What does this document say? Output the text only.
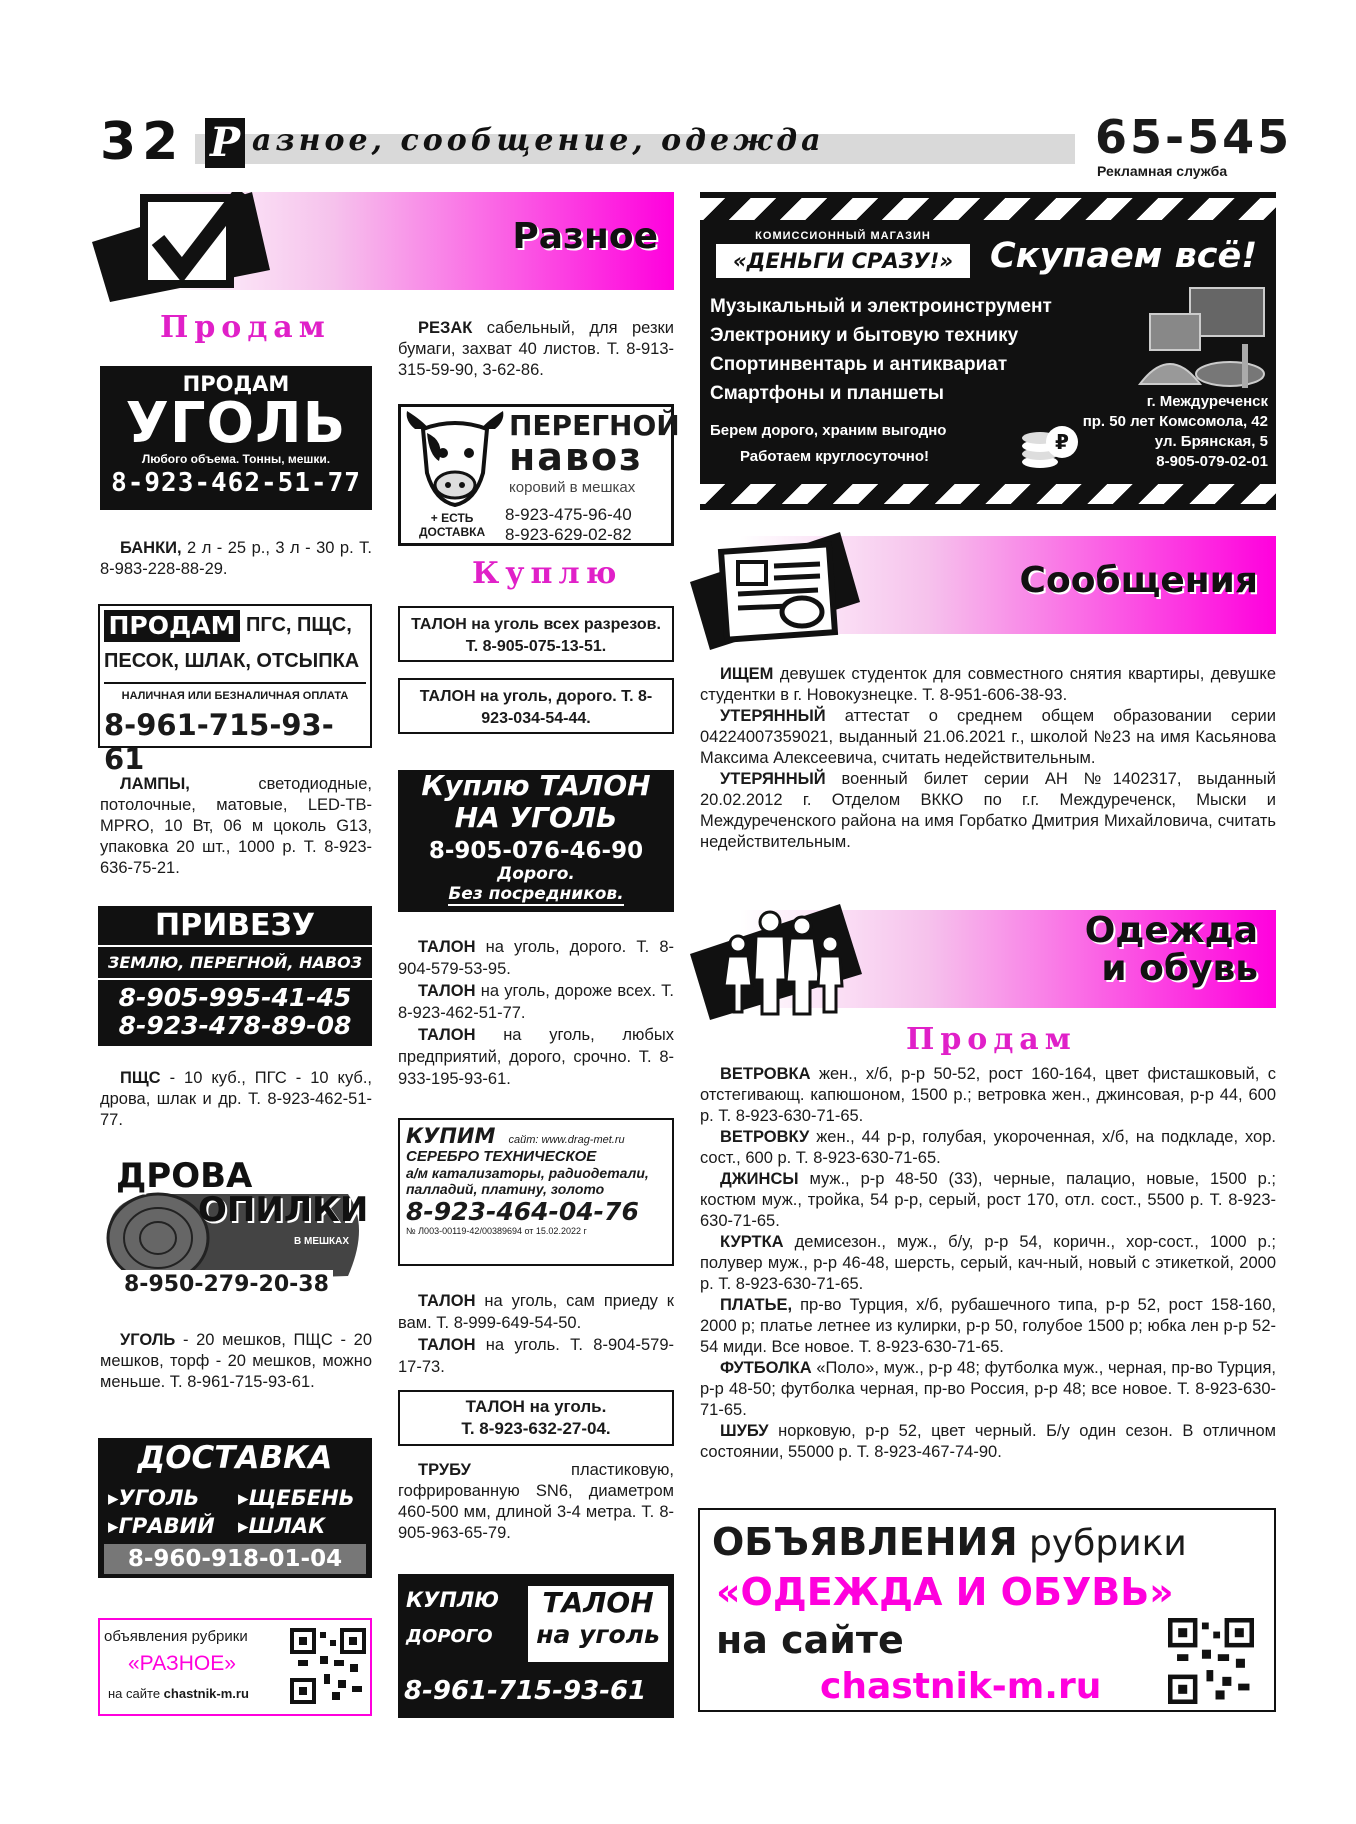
32 Р азное, сообщение, одежда	65-545
Рекламная служба
Разное
Продам
ПРОДАМ
УГОЛЬ
Любого объема. Тонны, мешки.
8-923-462-51-77
БАНКИ, 2 л - 25 р., 3 л - 30 р. Т. 8-983-228-88-29.
ПРОДАМ ПГС, ПЩС,
ПЕСОК, ШЛАК, ОТСЫПКА
НАЛИЧНАЯ ИЛИ БЕЗНАЛИЧНАЯ ОПЛАТА
8-961-715-93-61
ЛАМПЫ, светодиодные, потолочные, матовые, LED-TB-MPRO, 10 Вт, 06 м цоколь G13, упаковка 20 шт., 1000 р. Т. 8-923-636-75-21.
ПРИВЕЗУ
ЗЕМЛЮ, ПЕРЕГНОЙ, НАВОЗ
8-905-995-41-45
8-923-478-89-08
ПЩС - 10 куб., ПГС - 10 куб., дрова, шлак и др. Т. 8-923-462-51-77.
ДРОВА
ОПИЛКИ
В МЕШКАХ
8-950-279-20-38
УГОЛЬ - 20 мешков, ПЩС - 20 мешков, торф - 20 мешков, можно меньше. Т. 8-961-715-93-61.
ДОСТАВКА
▸УГОЛЬ ▸ЩЕБЕНЬ
▸ГРАВИЙ ▸ШЛАК
8-960-918-01-04
объявления рубрики
«РАЗНОЕ»
на сайте chastnik-m.ru
РЕЗАК сабельный, для резки бумаги, захват 40 листов. Т. 8-913-315-59-90, 3-62-86.
ПЕРЕГНОЙ
навоз
коровий в мешках
+ ЕСТЬ
ДОСТАВКА
8-923-475-96-40
8-923-629-02-82
Куплю
ТАЛОН на уголь всех разрезов. Т. 8-905-075-13-51.
ТАЛОН на уголь, дорого. Т. 8-923-034-54-44.
Куплю ТАЛОН
НА УГОЛЬ
8-905-076-46-90
Дорого.
Без посредников.

ТАЛОН на уголь, дорого. Т. 8-904-579-53-95.

ТАЛОН на уголь, дороже всех. Т. 8-923-462-51-77.

ТАЛОН на уголь, любых предприятий, дорого, срочно. Т. 8-933-195-93-61.

КУПИМ сайт: www.drag-met.ru
СЕРЕБРО ТЕХНИЧЕСКОЕ
а/м катализаторы, радиодетали,
палладий, платину, золото
8-923-464-04-76
№ Л003-00119-42/00389694 от 15.02.2022 г

ТАЛОН на уголь, сам приеду к вам. Т. 8-999-649-54-50.

ТАЛОН на уголь. Т. 8-904-579-17-73.

ТАЛОН на уголь.
Т. 8-923-632-27-04.
ТРУБУ пластиковую, гофрированную SN6, диаметром 460-500 мм, длиной 3-4 метра. Т. 8-905-963-65-79.
КУПЛЮ
ДОРОГО
ТАЛОН
на уголь
8-961-715-93-61
КОМИССИОННЫЙ МАГАЗИН
«ДЕНЬГИ СРАЗУ!»	Скупаем всё!
Музыкальный и электроинструмент
Электронику и бытовую технику
Спортинвентарь и антиквариат
Смартфоны и планшеты
Берем дорого, храним выгодно
Работаем круглосуточно!
₽
г. Междуреченск
пр. 50 лет Комсомола, 42
ул. Брянская, 5
8-905-079-02-01
Сообщения

ИЩЕМ девушек студенток для совместного снятия квартиры, девушке студентки в г. Новокузнецке. Т. 8-951-606-38-93.

УТЕРЯННЫЙ аттестат о среднем общем образовании серии 04224007359021, выданный 21.06.2021 г., школой №23 на имя Касьянова Максима Алексеевича, считать недействительным.

УТЕРЯННЫЙ военный билет серии АН №1402317, выданный 20.02.2012 г. Отделом ВККО по г.г. Междуреченск, Мыски и Междуреченского района на имя Горбатко Дмитрия Михайловича, считать недействительным.

Одежда
и обувь
Продам

ВЕТРОВКА жен., х/б, р-р 50-52, рост 160-164, цвет фисташковый, с отстегивающ. капюшоном, 1500 р.; ветровка жен., джинсовая, р-р 44, 600 р. Т. 8-923-630-71-65.

ВЕТРОВКУ жен., 44 р-р, голубая, укороченная, х/б, на подкладе, хор. сост., 600 р. Т. 8-923-630-71-65.

ДЖИНСЫ муж., р-р 48-50 (33), черные, палацио, новые, 1500 р.; костюм муж., тройка, 54 р-р, серый, рост 170, отл. сост., 5500 р. Т. 8-923-630-71-65.

КУРТКА демисезон., муж., б/у, р-р 54, коричн., хор-сост., 1000 р.; полувер муж., р-р 46-48, шерсть, серый, кач-ный, новый с этикеткой, 2000 р. Т. 8-923-630-71-65.

ПЛАТЬЕ, пр-во Турция, х/б, рубашечного типа, р-р 52, рост 158-160, 2000 р; платье летнее из кулирки, р-р 50, голубое 1500 р; юбка лен р-р 52-54 миди. Все новое. Т. 8-923-630-71-65.

ФУТБОЛКА «Поло», муж., р-р 48; футболка муж., черная, пр-во Турция, р-р 48-50; футболка черная, пр-во Россия, р-р 48; все новое. Т. 8-923-630-71-65.

ШУБУ норковую, р-р 52, цвет черный. Б/у один сезон. В отличном состоянии, 55000 р. Т. 8-923-467-74-90.

ОБЪЯВЛЕНИЯ рубрики
«ОДЕЖДА И ОБУВЬ»
на сайте
chastnik-m.ru
